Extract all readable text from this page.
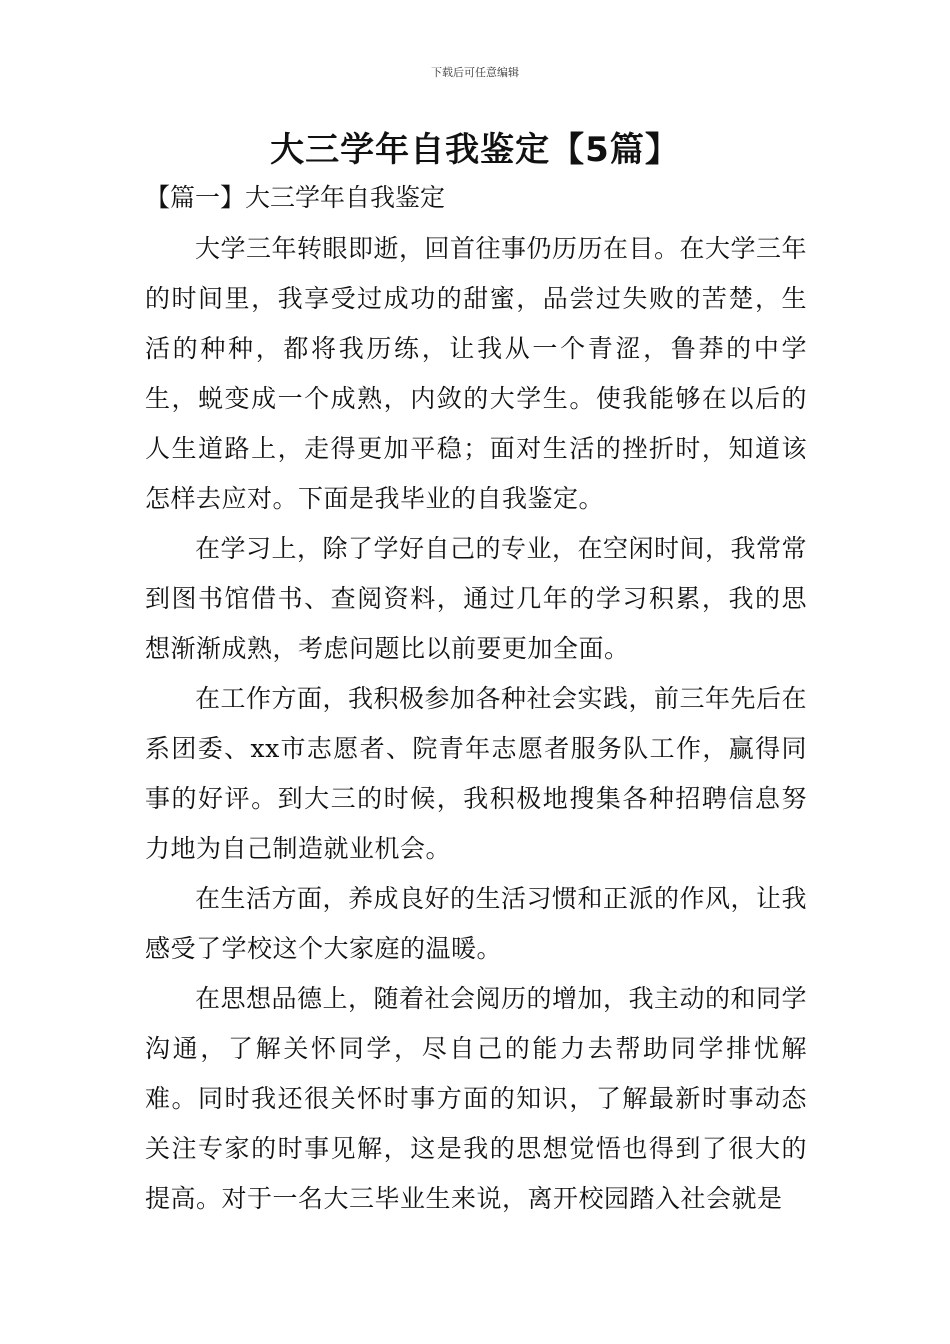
下载后可任意编辑
大三学年自我鉴定【5篇】
【篇一】大三学年自我鉴定

大学三年转眼即逝，回首往事仍历历在目。在大学三年的时间里，我享受过成功的甜蜜，品尝过失败的苦楚，生活的种种，都将我历练，让我从一个青涩，鲁莽的中学生，蜕变成一个成熟，内敛的大学生。使我能够在以后的人生道路上，走得更加平稳；面对生活的挫折时，知道该怎样去应对。下面是我毕业的自我鉴定。

在学习上，除了学好自己的专业，在空闲时间，我常常到图书馆借书、查阅资料，通过几年的学习积累，我的思想渐渐成熟，考虑问题比以前要更加全面。

在工作方面，我积极参加各种社会实践，前三年先后在系团委、xx市志愿者、院青年志愿者服务队工作，赢得同事的好评。到大三的时候，我积极地搜集各种招聘信息努力地为自己制造就业机会。

在生活方面，养成良好的生活习惯和正派的作风，让我感受了学校这个大家庭的温暖。

在思想品德上，随着社会阅历的增加，我主动的和同学沟通，了解关怀同学，尽自己的能力去帮助同学排忧解难。同时我还很关怀时事方面的知识，了解最新时事动态关注专家的时事见解，这是我的思想觉悟也得到了很大的提高。对于一名大三毕业生来说，离开校园踏入社会就是
